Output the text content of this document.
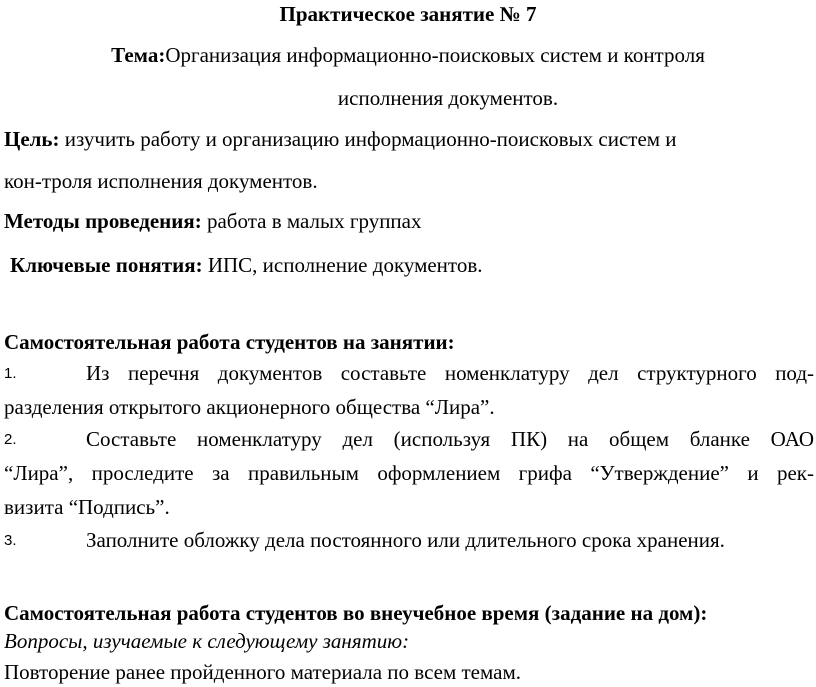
Практическое занятие № 7
Тема:Организация информационно-поисковых систем и контроля
исполнения документов.
Цель: изучить работу и организацию информационно-поисковых систем и
кон-троля исполнения документов.
Методы проведения: работа в малых группах
Ключевые понятия: ИПС, исполнение документов.
Самостоятельная работа студентов на занятии:
1.	Из перечня документов составьте номенклатуру дел структурного под-
разделения открытого акционерного общества “Лира”.
2.	Составьте номенклатуру дел (используя ПК) на общем бланке ОАО
“Лира”, проследите за правильным оформлением грифа “Утверждение” и рек-
визита “Подпись”.
3.	Заполните обложку дела постоянного или длительного срока хранения.
Самостоятельная работа студентов во внеучебное время (задание на дом):
Вопросы, изучаемые к следующему занятию:
Повторение ранее пройденного материала по всем темам.
